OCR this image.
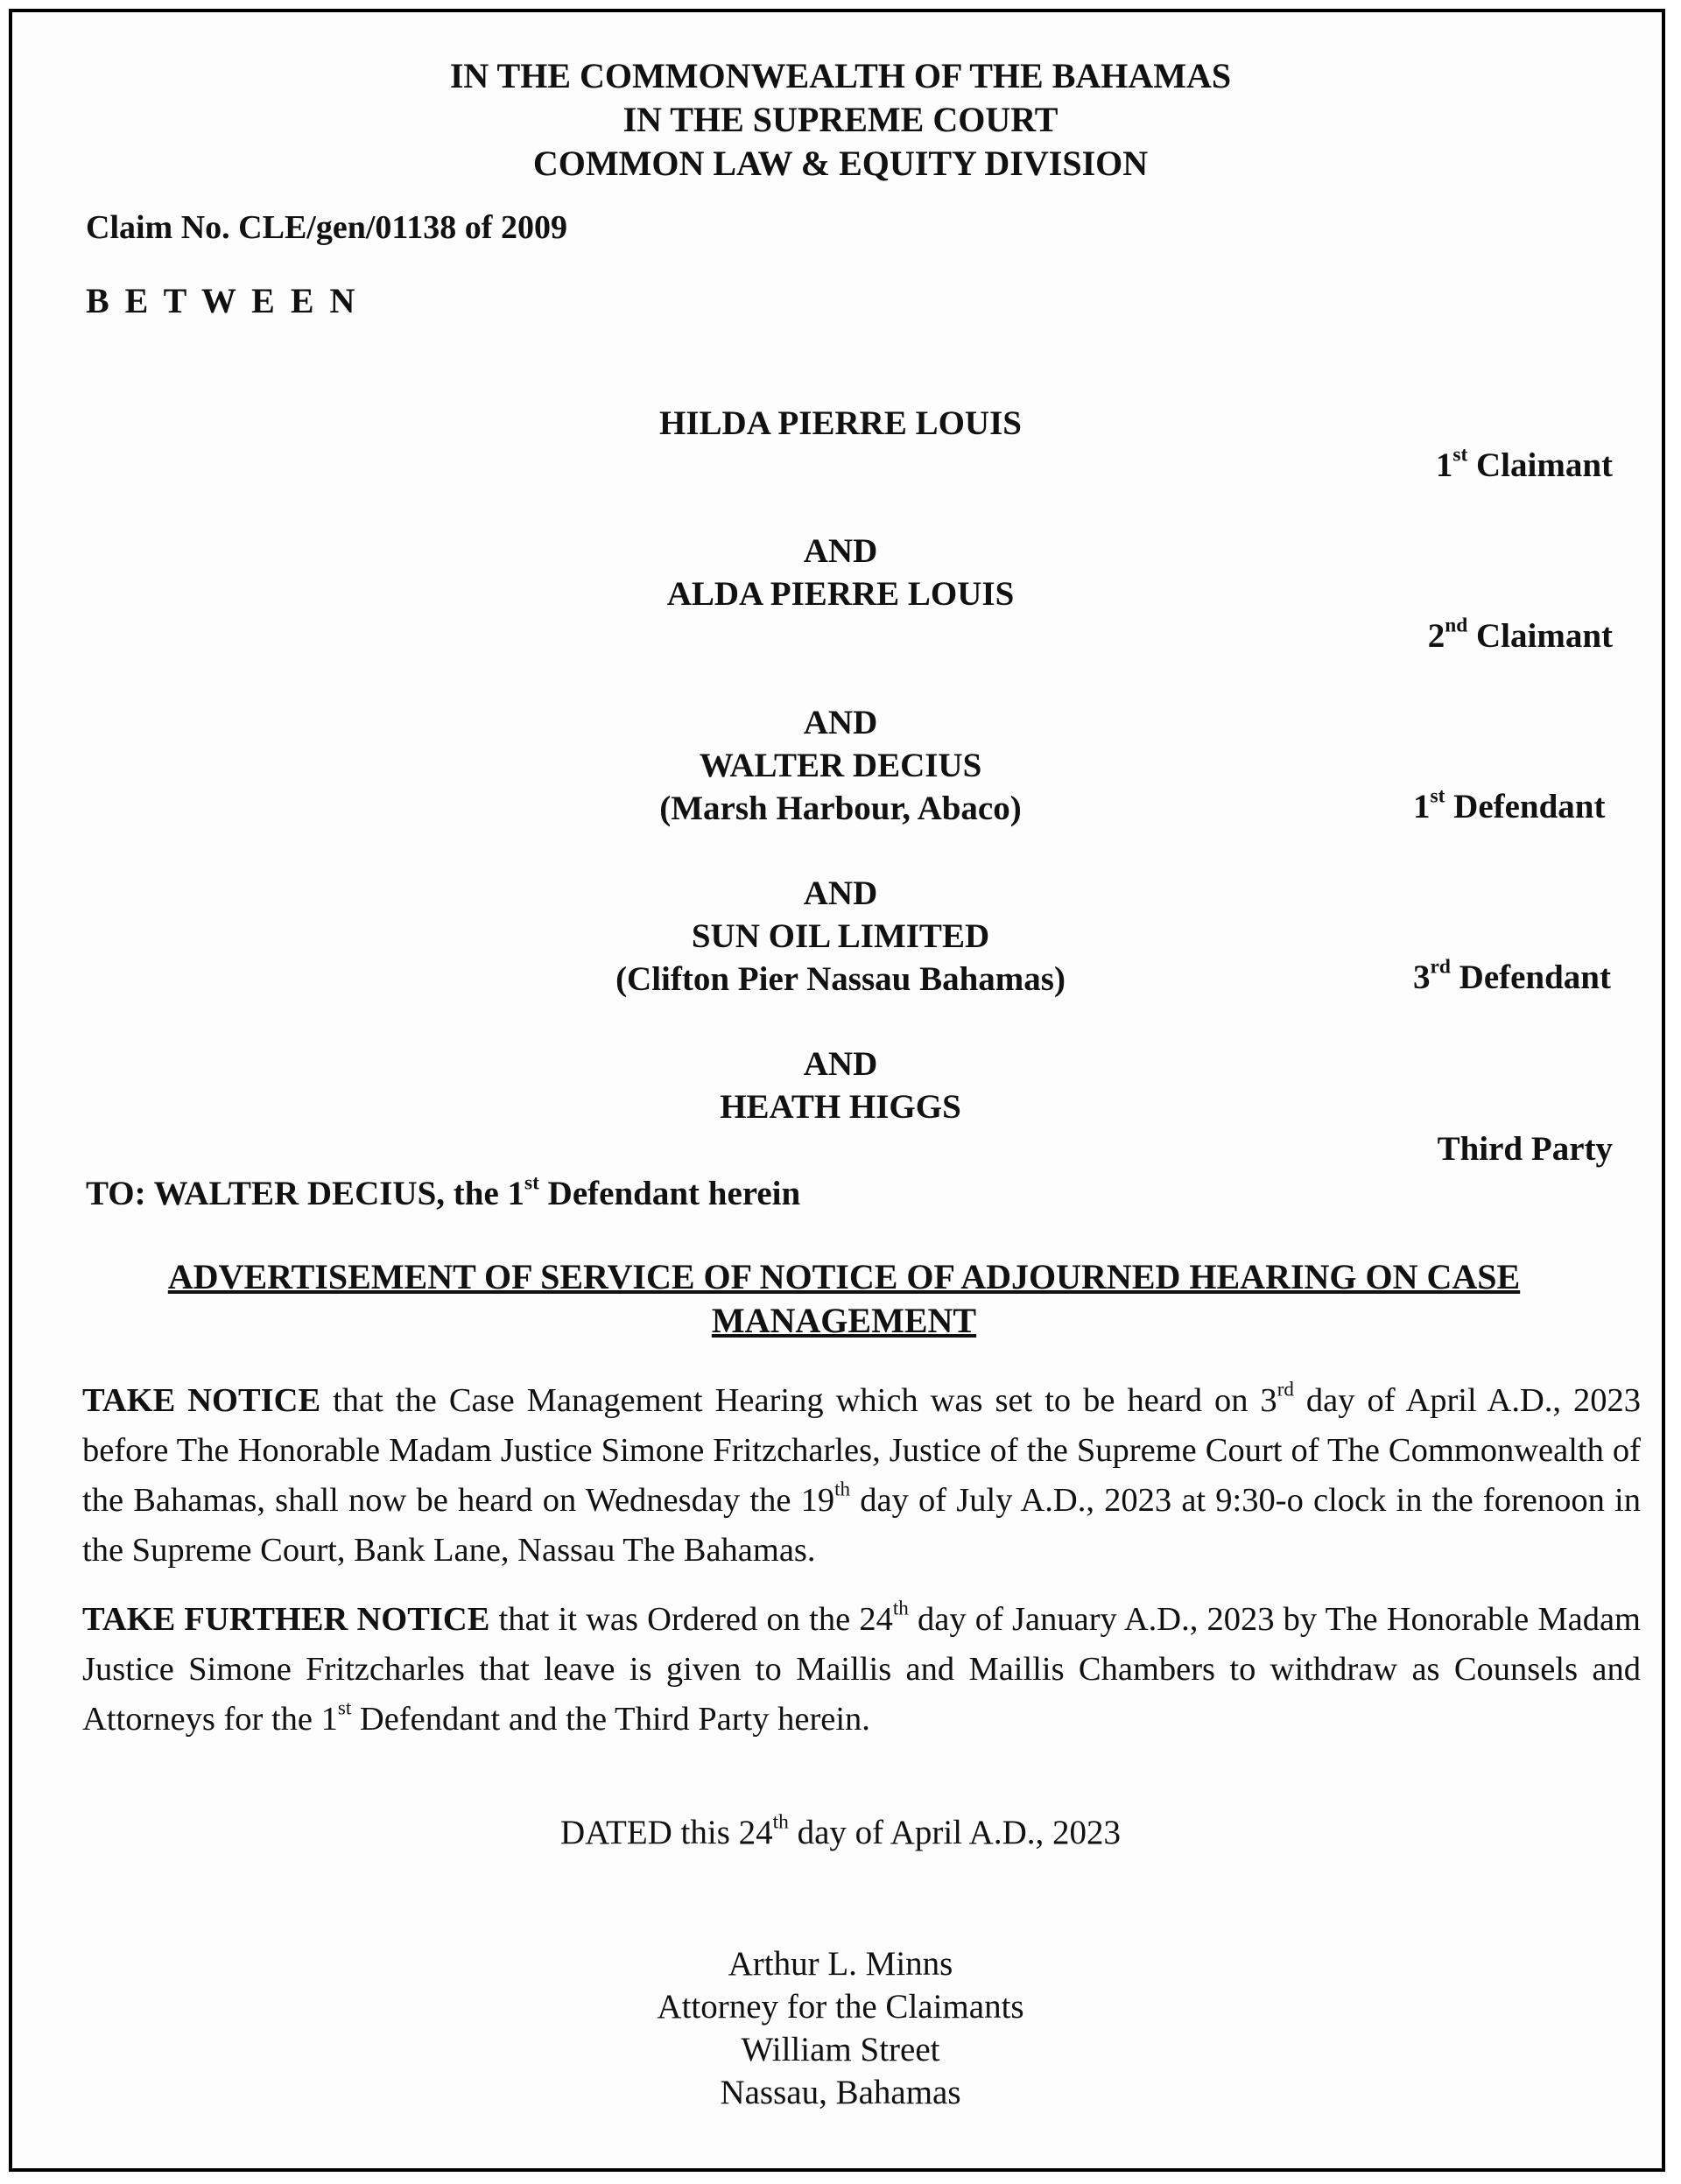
IN THE COMMONWEALTH OF THE BAHAMAS
IN THE SUPREME COURT
COMMON LAW & EQUITY DIVISION
Claim No. CLE/gen/01138 of 2009
B E T W E E N
HILDA PIERRE LOUIS
1st Claimant
AND
ALDA PIERRE LOUIS
2nd Claimant
AND
WALTER DECIUS
(Marsh Harbour, Abaco)	1st Defendant
AND
SUN OIL LIMITED
(Clifton Pier Nassau Bahamas)	3rd Defendant
AND
HEATH HIGGS
Third Party
TO: WALTER DECIUS, the 1st Defendant herein
ADVERTISEMENT OF SERVICE OF NOTICE OF ADJOURNED HEARING ON CASE MANAGEMENT
TAKE NOTICE that the Case Management Hearing which was set to be heard on 3rd day of April A.D., 2023 before The Honorable Madam Justice Simone Fritzcharles, Justice of the Supreme Court of The Commonwealth of the Bahamas, shall now be heard on Wednesday the 19th day of July A.D., 2023 at 9:30-o clock in the forenoon in the Supreme Court, Bank Lane, Nassau The Bahamas.
TAKE FURTHER NOTICE that it was Ordered on the 24th day of January A.D., 2023 by The Honorable Madam Justice Simone Fritzcharles that leave is given to Maillis and Maillis Chambers to withdraw as Counsels and Attorneys for the 1st Defendant and the Third Party herein.
DATED this 24th day of April A.D., 2023
Arthur L. Minns
Attorney for the Claimants
William Street
Nassau, Bahamas
